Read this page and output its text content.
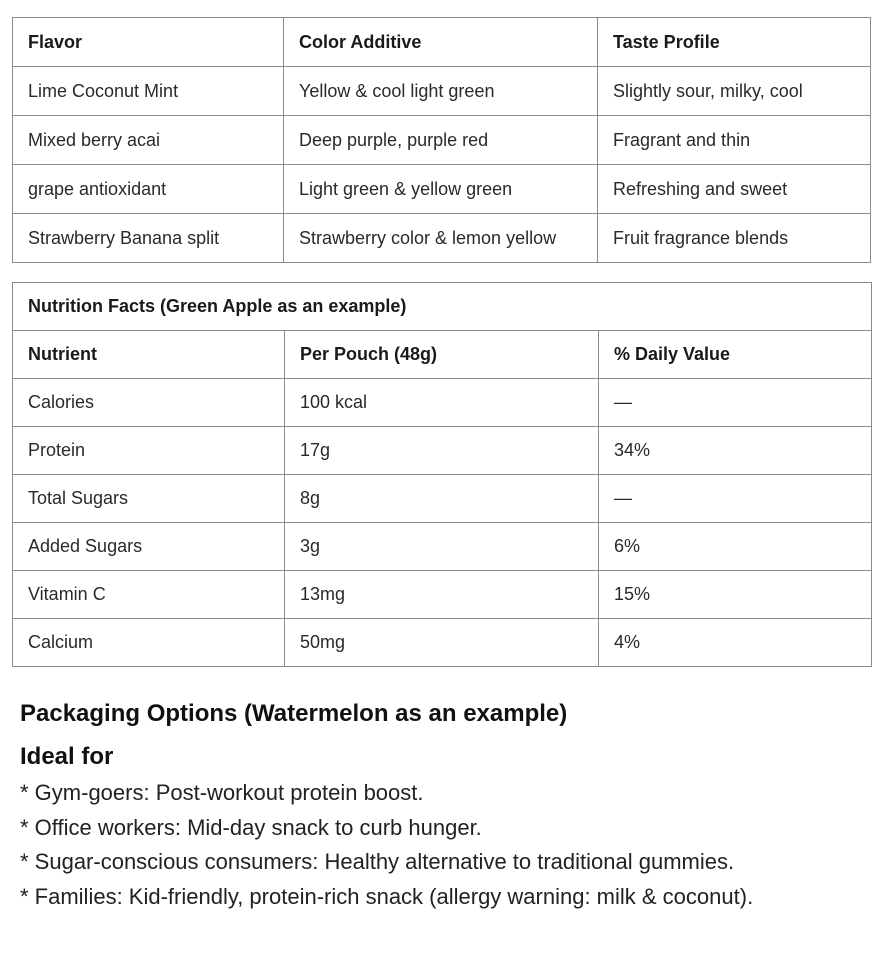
Flavor	Color Additive	Taste Profile
Lime Coconut Mint	Yellow & cool light green	Slightly sour, milky, cool
Mixed berry acai	Deep purple, purple red	Fragrant and thin
grape antioxidant	Light green & yellow green	Refreshing and sweet
Strawberry Banana split	Strawberry color & lemon yellow	Fruit fragrance blends
Nutrition Facts (Green Apple as an example)		
Nutrient	Per Pouch (48g)	% Daily Value
Calories	100 kcal	—
Protein	17g	34%
Total Sugars	8g	—
Added Sugars	3g	6%
Vitamin C	13mg	15%
Calcium	50mg	4%
Packaging Options (Watermelon as an example)
Ideal for
* Gym-goers: Post-workout protein boost.
* Office workers: Mid-day snack to curb hunger.
* Sugar-conscious consumers: Healthy alternative to traditional gummies.
* Families: Kid-friendly, protein-rich snack (allergy warning: milk & coconut).
